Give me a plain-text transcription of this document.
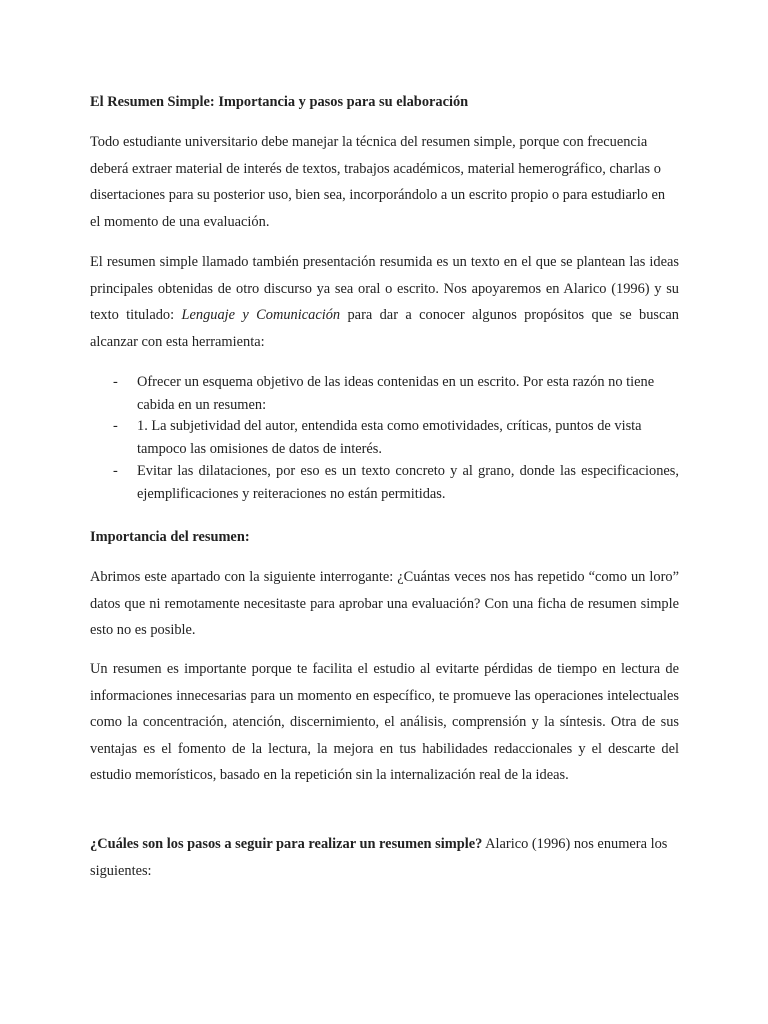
El Resumen Simple: Importancia y pasos para su elaboración

Todo estudiante universitario debe manejar la técnica del resumen simple, porque con frecuencia deberá extraer material de interés de textos, trabajos académicos, material hemerográfico, charlas o disertaciones para su posterior uso, bien sea, incorporándolo a un escrito propio o para estudiarlo en el momento de una evaluación.

El resumen simple llamado también presentación resumida es un texto en el que se plantean las ideas principales obtenidas de otro discurso ya sea oral o escrito. Nos apoyaremos en Alarico (1996) y su texto titulado: Lenguaje y Comunicación para dar a conocer algunos propósitos que se buscan alcanzar con esta herramienta:

- Ofrecer un esquema objetivo de las ideas contenidas en un escrito. Por esta razón no tiene cabida en un resumen:

- 1. La subjetividad del autor, entendida esta como emotividades, críticas, puntos de vista tampoco las omisiones de datos de interés.

- Evitar las dilataciones, por eso es un texto concreto y al grano, donde las especificaciones, ejemplificaciones y reiteraciones no están permitidas.

Importancia del resumen:

Abrimos este apartado con la siguiente interrogante: ¿Cuántas veces nos has repetido “como un loro” datos que ni remotamente necesitaste para aprobar una evaluación? Con una ficha de resumen simple esto no es posible.

Un resumen es importante porque te facilita el estudio al evitarte pérdidas de tiempo en lectura de informaciones innecesarias para un momento en específico, te promueve las operaciones intelectuales como la concentración, atención, discernimiento, el análisis, comprensión y la síntesis. Otra de sus ventajas es el fomento de la lectura, la mejora en tus habilidades redaccionales y el descarte del estudio memorísticos, basado en la repetición sin la internalización real de la ideas.

¿Cuáles son los pasos a seguir para realizar un resumen simple? Alarico (1996) nos enumera los siguientes:
